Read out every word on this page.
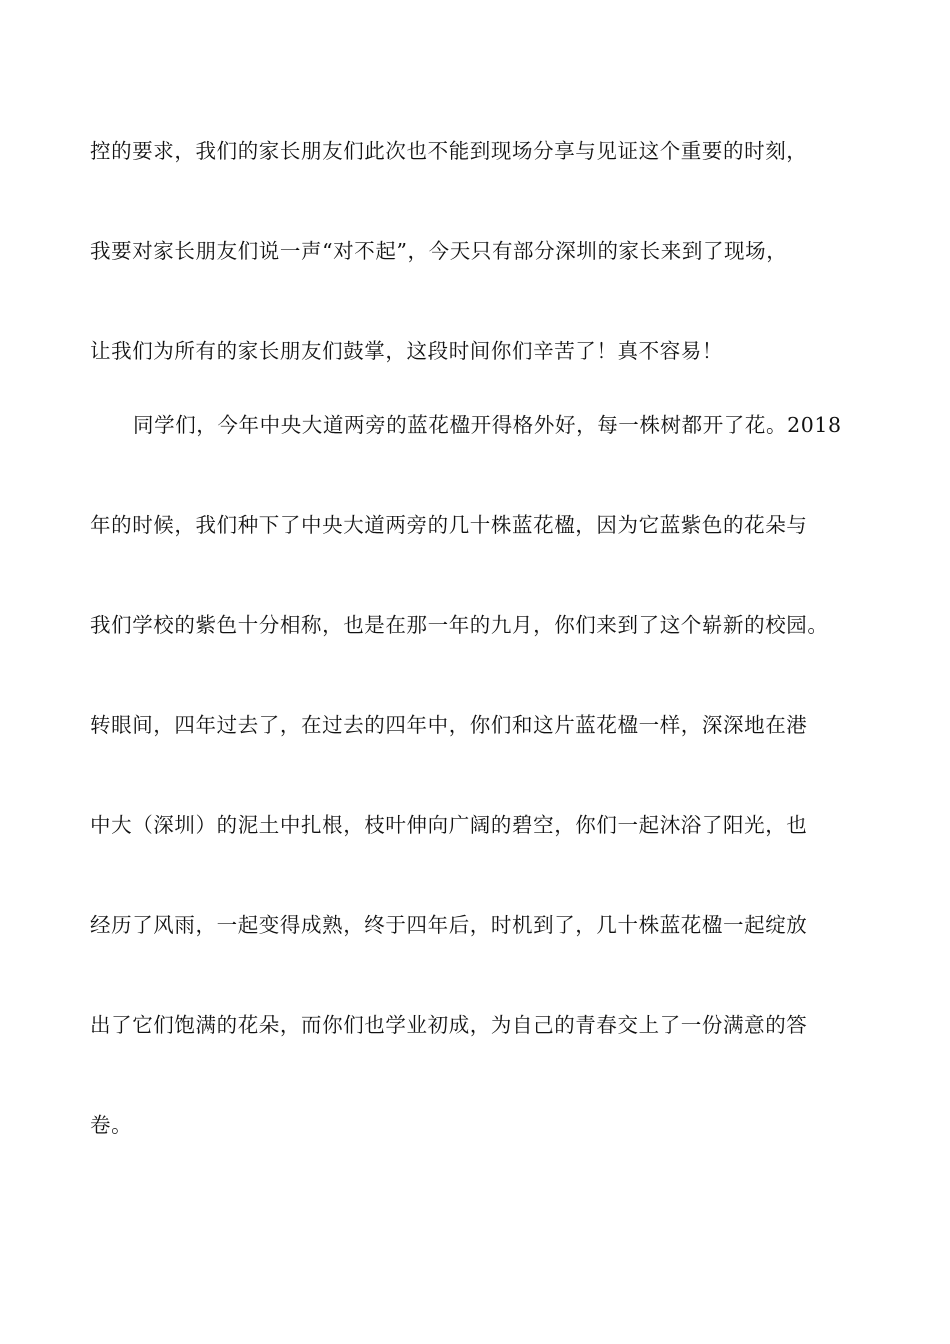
控的要求，我们的家长朋友们此次也不能到现场分享与见证这个重要的时刻，
我要对家长朋友们说一声“对不起”，今天只有部分深圳的家长来到了现场，
让我们为所有的家长朋友们鼓掌，这段时间你们辛苦了！真不容易！
同学们，今年中央大道两旁的蓝花楹开得格外好，每一株树都开了花。2018
年的时候，我们种下了中央大道两旁的几十株蓝花楹，因为它蓝紫色的花朵与
我们学校的紫色十分相称，也是在那一年的九月，你们来到了这个崭新的校园。
转眼间，四年过去了，在过去的四年中，你们和这片蓝花楹一样，深深地在港
中大（深圳）的泥土中扎根，枝叶伸向广阔的碧空，你们一起沐浴了阳光，也
经历了风雨，一起变得成熟，终于四年后，时机到了，几十株蓝花楹一起绽放
出了它们饱满的花朵，而你们也学业初成，为自己的青春交上了一份满意的答
卷。
